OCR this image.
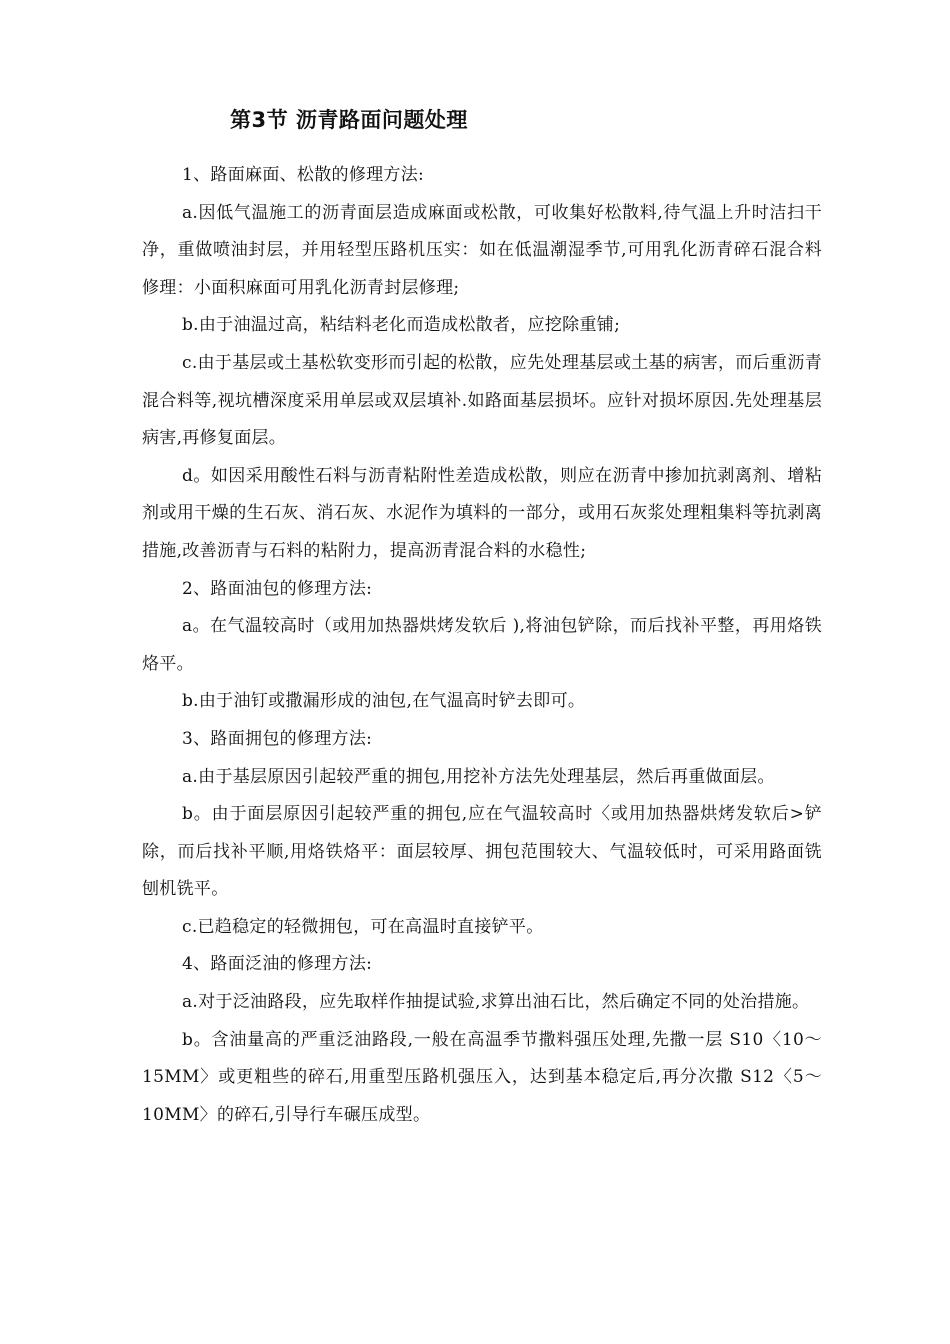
第3节 沥青路面问题处理

1、路面麻面、松散的修理方法:

a.因低气温施工的沥青面层造成麻面或松散，可收集好松散料,待气温上升时洁扫干净，重做喷油封层，并用轻型压路机压实：如在低温潮湿季节,可用乳化沥青碎石混合料修理：小面积麻面可用乳化沥青封层修理;

b.由于油温过高，粘结料老化而造成松散者，应挖除重铺;

c.由于基层或土基松软变形而引起的松散，应先处理基层或土基的病害，而后重沥青混合料等,视坑槽深度采用单层或双层填补.如路面基层损坏。应针对损坏原因.先处理基层病害,再修复面层。

d。如因采用酸性石料与沥青粘附性差造成松散，则应在沥青中掺加抗剥离剂、增粘剂或用干燥的生石灰、消石灰、水泥作为填料的一部分，或用石灰浆处理粗集料等抗剥离措施,改善沥青与石料的粘附力，提高沥青混合料的水稳性;

2、路面油包的修理方法:

a。在气温较高时（或用加热器烘烤发软后 ),将油包铲除，而后找补平整，再用烙铁烙平。

b.由于油钉或撒漏形成的油包,在气温高时铲去即可。

3、路面拥包的修理方法:

a.由于基层原因引起较严重的拥包,用挖补方法先处理基层，然后再重做面层。

b。由于面层原因引起较严重的拥包,应在气温较高时〈或用加热器烘烤发软后>铲除，而后找补平顺,用烙铁烙平：面层较厚、拥包范围较大、气温较低时，可采用路面铣刨机铣平。

c.已趋稳定的轻微拥包，可在高温时直接铲平。

4、路面泛油的修理方法:

a.对于泛油路段，应先取样作抽提试验,求算出油石比，然后确定不同的处治措施。

b。含油量高的严重泛油路段,一般在高温季节撒料强压处理,先撒一层 S10〈10～15MM〉或更粗些的碎石,用重型压路机强压入，达到基本稳定后,再分次撒 S12〈5～10MM〉的碎石,引导行车碾压成型。
